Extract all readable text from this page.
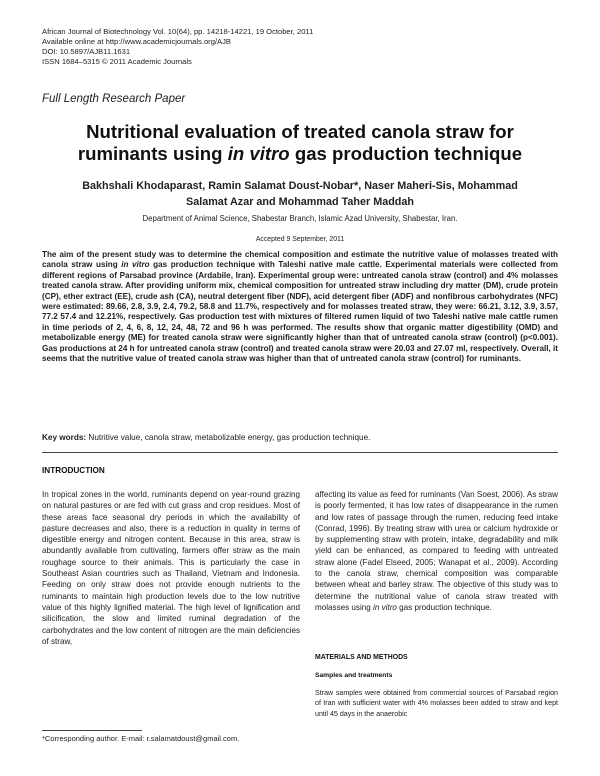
African Journal of Biotechnology Vol. 10(64), pp. 14218-14221, 19 October, 2011
Available online at http://www.academicjournals.org/AJB
DOI: 10.5897/AJB11.1631
ISSN 1684–5315 © 2011 Academic Journals
Full Length Research Paper
Nutritional evaluation of treated canola straw for
ruminants using in vitro gas production technique
Bakhshali Khodaparast, Ramin Salamat Doust-Nobar*, Naser Maheri-Sis, Mohammad
Salamat Azar and Mohammad Taher Maddah
Department of Animal Science, Shabestar Branch, Islamic Azad University, Shabestar, Iran.
Accepted 9 September, 2011
The aim of the present study was to determine the chemical composition and estimate the nutritive value of molasses treated with canola straw using in vitro gas production technique with Taleshi native male cattle. Experimental materials were collected from different regions of Parsabad province (Ardabile, Iran). Experimental group were: untreated canola straw (control) and 4% molasses treated canola straw. After providing uniform mix, chemical composition for untreated straw including dry matter (DM), crude protein (CP), ether extract (EE), crude ash (CA), neutral detergent fiber (NDF), acid detergent fiber (ADF) and nonfibrous carbohydrates (NFC) were estimated: 89.66, 2.8, 3.9, 2.4, 79.2, 58.8 and 11.7%, respectively and for molasses treated straw, they were: 66.21, 3.12, 3.9, 3.57, 77.2 57.4 and 12.21%, respectively. Gas production test with mixtures of filtered rumen liquid of two Taleshi native male cattle rumen in time periods of 2, 4, 6, 8, 12, 24, 48, 72 and 96 h was performed. The results show that organic matter digestibility (OMD) and metabolizable energy (ME) for treated canola straw were significantly higher than that of untreated canola straw (control) (p<0.001). Gas productions at 24 h for untreated canola straw (control) and treated canola straw were 20.03 and 27.07 ml, respectively. Overall, it seems that the nutritive value of treated canola straw was higher than that of untreated canola straw (control) for ruminants.
Key words: Nutritive value, canola straw, metabolizable energy, gas production technique.
INTRODUCTION
In tropical zones in the world, ruminants depend on year-round grazing on natural pastures or are fed with cut grass and crop residues. Most of these areas face seasonal dry periods in which the availability of pasture decreases and also, there is a reduction in quality in terms of digestible energy and nitrogen content. Because in this area, straw is abundantly available from cultivating, farmers offer straw as the main roughage source to their animals. This is particularly the case in Southeast Asian countries such as Thailand, Vietnam and Indonesia. Feeding on only straw does not provide enough nutrients to the ruminants to maintain high production levels due to the low nutritive value of this highly lignified material. The high level of lignification and silicification, the slow and limited ruminal degradation of the carbohydrates and the low content of nitrogen are the main deficiencies of straw,
affecting its value as feed for ruminants (Van Soest, 2006). As straw is poorly fermented, it has low rates of disappearance in the rumen and low rates of passage through the rumen, reducing feed intake (Conrad, 1996). By treating straw with urea or calcium hydroxide or by supplementing straw with protein, intake, degradability and milk yield can be enhanced, as compared to feeding with untreated straw alone (Fadel Elseed, 2005; Wanapat et al., 2009). According to the canola straw, chemical composition was comparable between wheat and barley straw. The objective of this study was to determine the nutritional value of canola straw treated with molasses using in vitro gas production technique.
MATERIALS AND METHODS
Samples and treatments
Straw samples were obtained from commercial sources of Parsabad region of Iran with sufficient water with 4% molasses been added to straw and kept until 45 days in the anaerobic
*Corresponding author. E-mail: r.salamatdoust@gmail.com.
